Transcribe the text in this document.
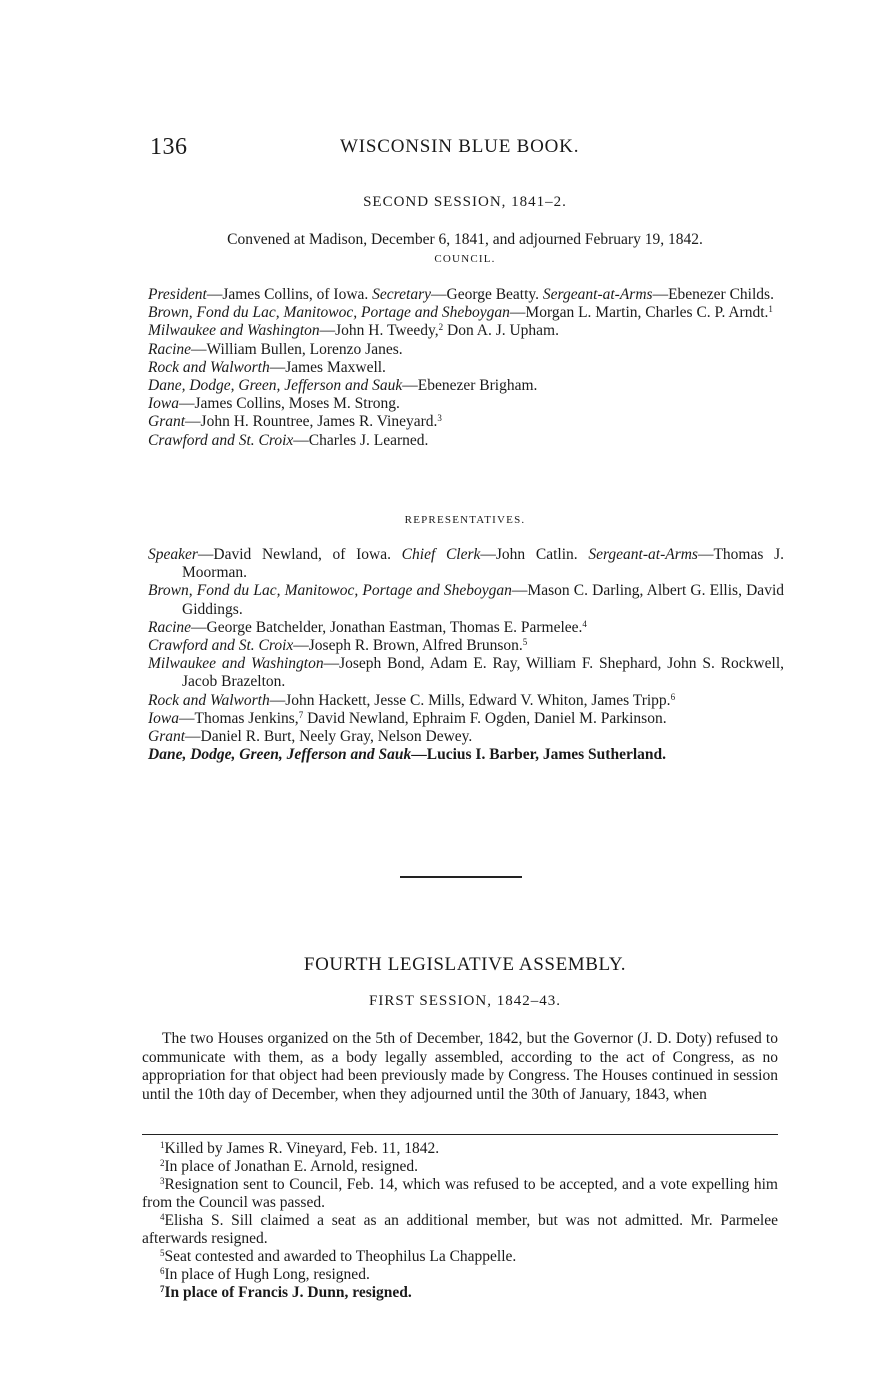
136	WISCONSIN BLUE BOOK.
SECOND SESSION, 1841–2.
Convened at Madison, December 6, 1841, and adjourned February 19, 1842.
COUNCIL.

President—James Collins, of Iowa. Secretary—George Beatty. Sergeant-at-Arms—Ebenezer Childs.

Brown, Fond du Lac, Manitowoc, Portage and Sheboygan—Morgan L. Martin, Charles C. P. Arndt.$^1$

Milwaukee and Washington—John H. Tweedy,$^2$ Don A. J. Upham.

Racine—William Bullen, Lorenzo Janes.

Rock and Walworth—James Maxwell.

Dane, Dodge, Green, Jefferson and Sauk—Ebenezer Brigham.

Iowa—James Collins, Moses M. Strong.

Grant—John H. Rountree, James R. Vineyard.$^3$

Crawford and St. Croix—Charles J. Learned.

REPRESENTATIVES.

Speaker—David Newland, of Iowa. Chief Clerk—John Catlin. Sergeant-at-Arms—Thomas J. Moorman.

Brown, Fond du Lac, Manitowoc, Portage and Sheboygan—Mason C. Darling, Albert G. Ellis, David Giddings.

Racine—George Batchelder, Jonathan Eastman, Thomas E. Parmelee.$^4$

Crawford and St. Croix—Joseph R. Brown, Alfred Brunson.$^5$

Milwaukee and Washington—Joseph Bond, Adam E. Ray, William F. Shephard, John S. Rockwell, Jacob Brazelton.

Rock and Walworth—John Hackett, Jesse C. Mills, Edward V. Whiton, James Tripp.$^6$

Iowa—Thomas Jenkins,$^7$ David Newland, Ephraim F. Ogden, Daniel M. Parkinson.

Grant—Daniel R. Burt, Neely Gray, Nelson Dewey.

Dane, Dodge, Green, Jefferson and Sauk—Lucius I. Barber, James Sutherland.

FOURTH LEGISLATIVE ASSEMBLY.
FIRST SESSION, 1842–43.

The two Houses organized on the 5th of December, 1842, but the Governor (J. D. Doty) refused to communicate with them, as a body legally assembled, according to the act of Congress, as no appropriation for that object had been previously made by Congress. The Houses continued in session until the 10th day of December, when they adjourned until the 30th of January, 1843, when

$^1$Killed by James R. Vineyard, Feb. 11, 1842.

$^2$In place of Jonathan E. Arnold, resigned.

$^3$Resignation sent to Council, Feb. 14, which was refused to be accepted, and a vote expelling him from the Council was passed.

$^4$Elisha S. Sill claimed a seat as an additional member, but was not admitted. Mr. Parmelee afterwards resigned.

$^5$Seat contested and awarded to Theophilus La Chappelle.

$^6$In place of Hugh Long, resigned.

$^7$In place of Francis J. Dunn, resigned.
